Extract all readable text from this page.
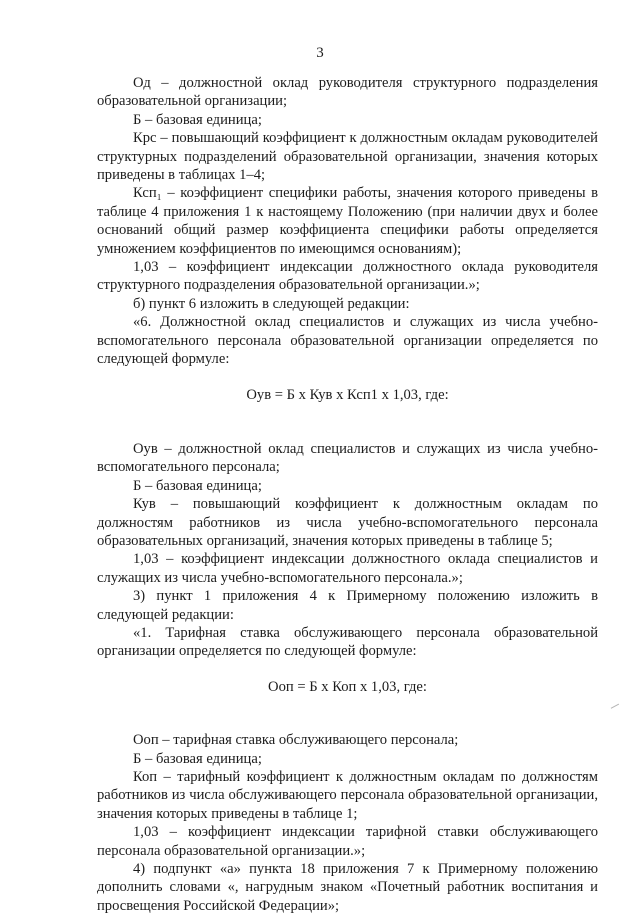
3

Од – должностной оклад руководителя структурного подразделения образовательной организации;

Б – базовая единица;

Крс – повышающий коэффициент к должностным окладам руководителей структурных подразделений образовательной организации, значения которых приведены в таблицах 1–4;

Ксп₁ – коэффициент специфики работы, значения которого приведены в таблице 4 приложения 1 к настоящему Положению (при наличии двух и более оснований общий размер коэффициента специфики работы определяется умножением коэффициентов по имеющимся основаниям);

1,03 – коэффициент индексации должностного оклада руководителя структурного подразделения образовательной организации.»;

б) пункт 6 изложить в следующей редакции:

«6. Должностной оклад специалистов и служащих из числа учебно-вспомогательного персонала образовательной организации определяется по следующей формуле:

Оув = Б х Кув х Ксп1 х 1,03, где:

Оув – должностной оклад специалистов и служащих из числа учебно-вспомогательного персонала;

Б – базовая единица;

Кув – повышающий коэффициент к должностным окладам по должностям работников из числа учебно-вспомогательного персонала образовательных организаций, значения которых приведены в таблице 5;

1,03 – коэффициент индексации должностного оклада специалистов и служащих из числа учебно-вспомогательного персонала.»;

3) пункт 1 приложения 4 к Примерному положению изложить в следующей редакции:

«1. Тарифная ставка обслуживающего персонала образовательной организации определяется по следующей формуле:

Ооп = Б х Коп х 1,03, где:

Ооп – тарифная ставка обслуживающего персонала;

Б – базовая единица;

Коп – тарифный коэффициент к должностным окладам по должностям работников из числа обслуживающего персонала образовательной организации, значения которых приведены в таблице 1;

1,03 – коэффициент индексации тарифной ставки обслуживающего персонала образовательной организации.»;

4) подпункт «а» пункта 18 приложения 7 к Примерному положению дополнить словами «, нагрудным знаком «Почетный работник воспитания и просвещения Российской Федерации»;
